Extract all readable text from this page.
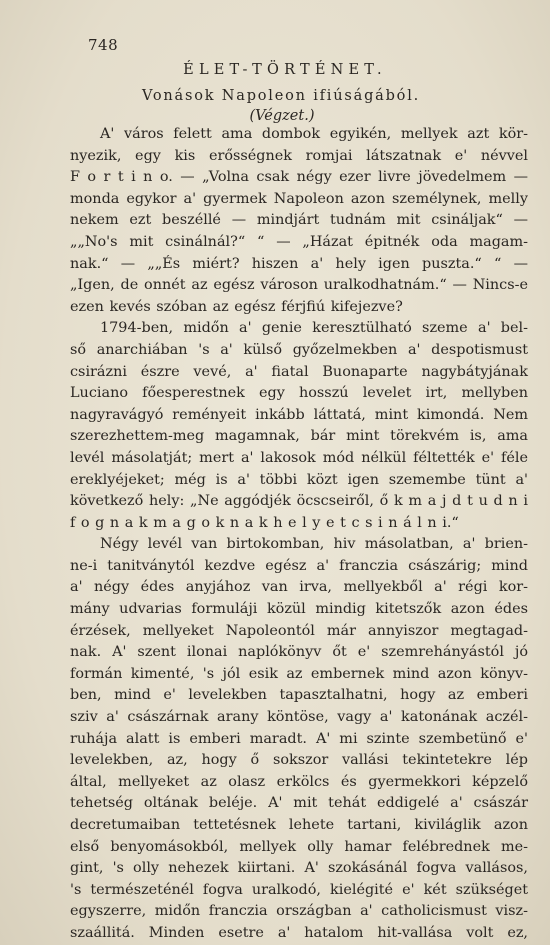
748
ÉLET-TÖRTÉNET.
Vonások Napoleon ifiúságából.
(Végzet.)
A' város felett ama dombok egyikén, mellyek azt kör-
nyezik, egy kis erősségnek romjai látszatnak e' névvel
F o r t i n o. — „Volna csak négy ezer livre jövedelmem —
monda egykor a' gyermek Napoleon azon személynek, melly
nekem ezt beszéllé — mindjárt tudnám mit csináljak“ —
„„No's mit csinálnál?“ “ — „Házat épitnék oda magam-
nak.“ — „„És miért? hiszen a' hely igen puszta.“ “ —
„Igen, de onnét az egész városon uralkodhatnám.“ — Nincs-e
ezen kevés szóban az egész férjfiú kifejezve?
1794-ben, midőn a' genie keresztülható szeme a' bel-
ső anarchiában 's a' külső győzelmekben a' despotismust
csirázni észre vevé, a' fiatal Buonaparte nagybátyjának
Luciano főesperestnek egy hosszú levelet irt, mellyben
nagyravágyó reményeit inkább láttatá, mint kimondá. Nem
szerezhettem-meg magamnak, bár mint törekvém is, ama
levél másolatját; mert a' lakosok mód nélkül féltették e' féle
ereklyéjeket; még is a' többi közt igen szemembe tünt a'
következő hely: „Ne aggódjék öcscseiről, ő k m a j d t u d n i
f o g n a k m a g o k n a k h e l y e t c s i n á l n i.“
Négy levél van birtokomban, hiv másolatban, a' brien-
ne-i tanitványtól kezdve egész a' franczia császárig; mind
a' négy édes anyjához van irva, mellyekből a' régi kor-
mány udvarias formuláji közül mindig kitetszők azon édes
érzések, mellyeket Napoleontól már annyiszor megtagad-
nak. A' szent ilonai naplókönyv őt e' szemrehányástól jó
formán kimenté, 's jól esik az embernek mind azon könyv-
ben, mind e' levelekben tapasztalhatni, hogy az emberi
sziv a' császárnak arany köntöse, vagy a' katonának aczél-
ruhája alatt is emberi maradt. A' mi szinte szembetünő e'
levelekben, az, hogy ő sokszor vallási tekintetekre lép
által, mellyeket az olasz erkölcs és gyermekkori képzelő
tehetség oltának beléje. A' mit tehát eddigelé a' császár
decretumaiban tettetésnek lehete tartani, kiviláglik azon
első benyomásokból, mellyek olly hamar felébrednek me-
gint, 's olly nehezek kiirtani. A' szokásánál fogva vallásos,
's természeténél fogva uralkodó, kielégité e' két szükséget
egyszerre, midőn franczia országban a' catholicismust visz-
szaállitá. Minden esetre a' hatalom hit-vallása volt ez,
